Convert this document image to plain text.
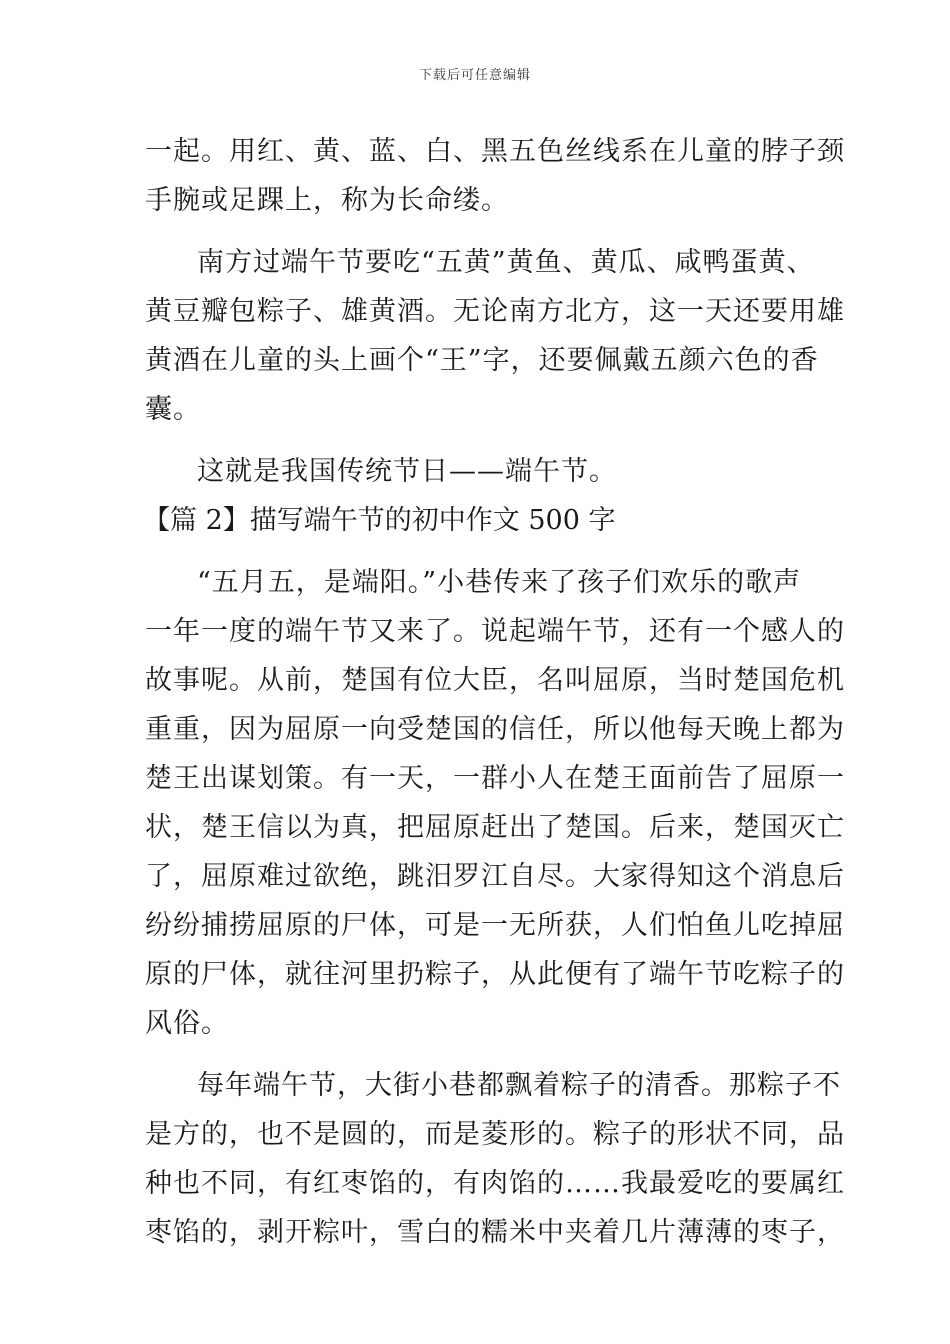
下载后可任意编辑
一起。用红、黄、蓝、白、黑五色丝线系在儿童的脖子颈
手腕或足踝上，称为长命缕。
南方过端午节要吃“五黄”黄鱼、黄瓜、咸鸭蛋黄、
黄豆瓣包粽子、雄黄酒。无论南方北方，这一天还要用雄
黄酒在儿童的头上画个“王”字，还要佩戴五颜六色的香
囊。
这就是我国传统节日——端午节。
【篇 2】描写端午节的初中作文 500 字
“五月五，是端阳。”小巷传来了孩子们欢乐的歌声
一年一度的端午节又来了。说起端午节，还有一个感人的
故事呢。从前，楚国有位大臣，名叫屈原，当时楚国危机
重重，因为屈原一向受楚国的信任，所以他每天晚上都为
楚王出谋划策。有一天，一群小人在楚王面前告了屈原一
状，楚王信以为真，把屈原赶出了楚国。后来，楚国灭亡
了，屈原难过欲绝，跳汨罗江自尽。大家得知这个消息后
纷纷捕捞屈原的尸体，可是一无所获，人们怕鱼儿吃掉屈
原的尸体，就往河里扔粽子，从此便有了端午节吃粽子的
风俗。
每年端午节，大街小巷都飘着粽子的清香。那粽子不
是方的，也不是圆的，而是菱形的。粽子的形状不同，品
种也不同，有红枣馅的，有肉馅的……我最爱吃的要属红
枣馅的，剥开粽叶，雪白的糯米中夹着几片薄薄的枣子，
